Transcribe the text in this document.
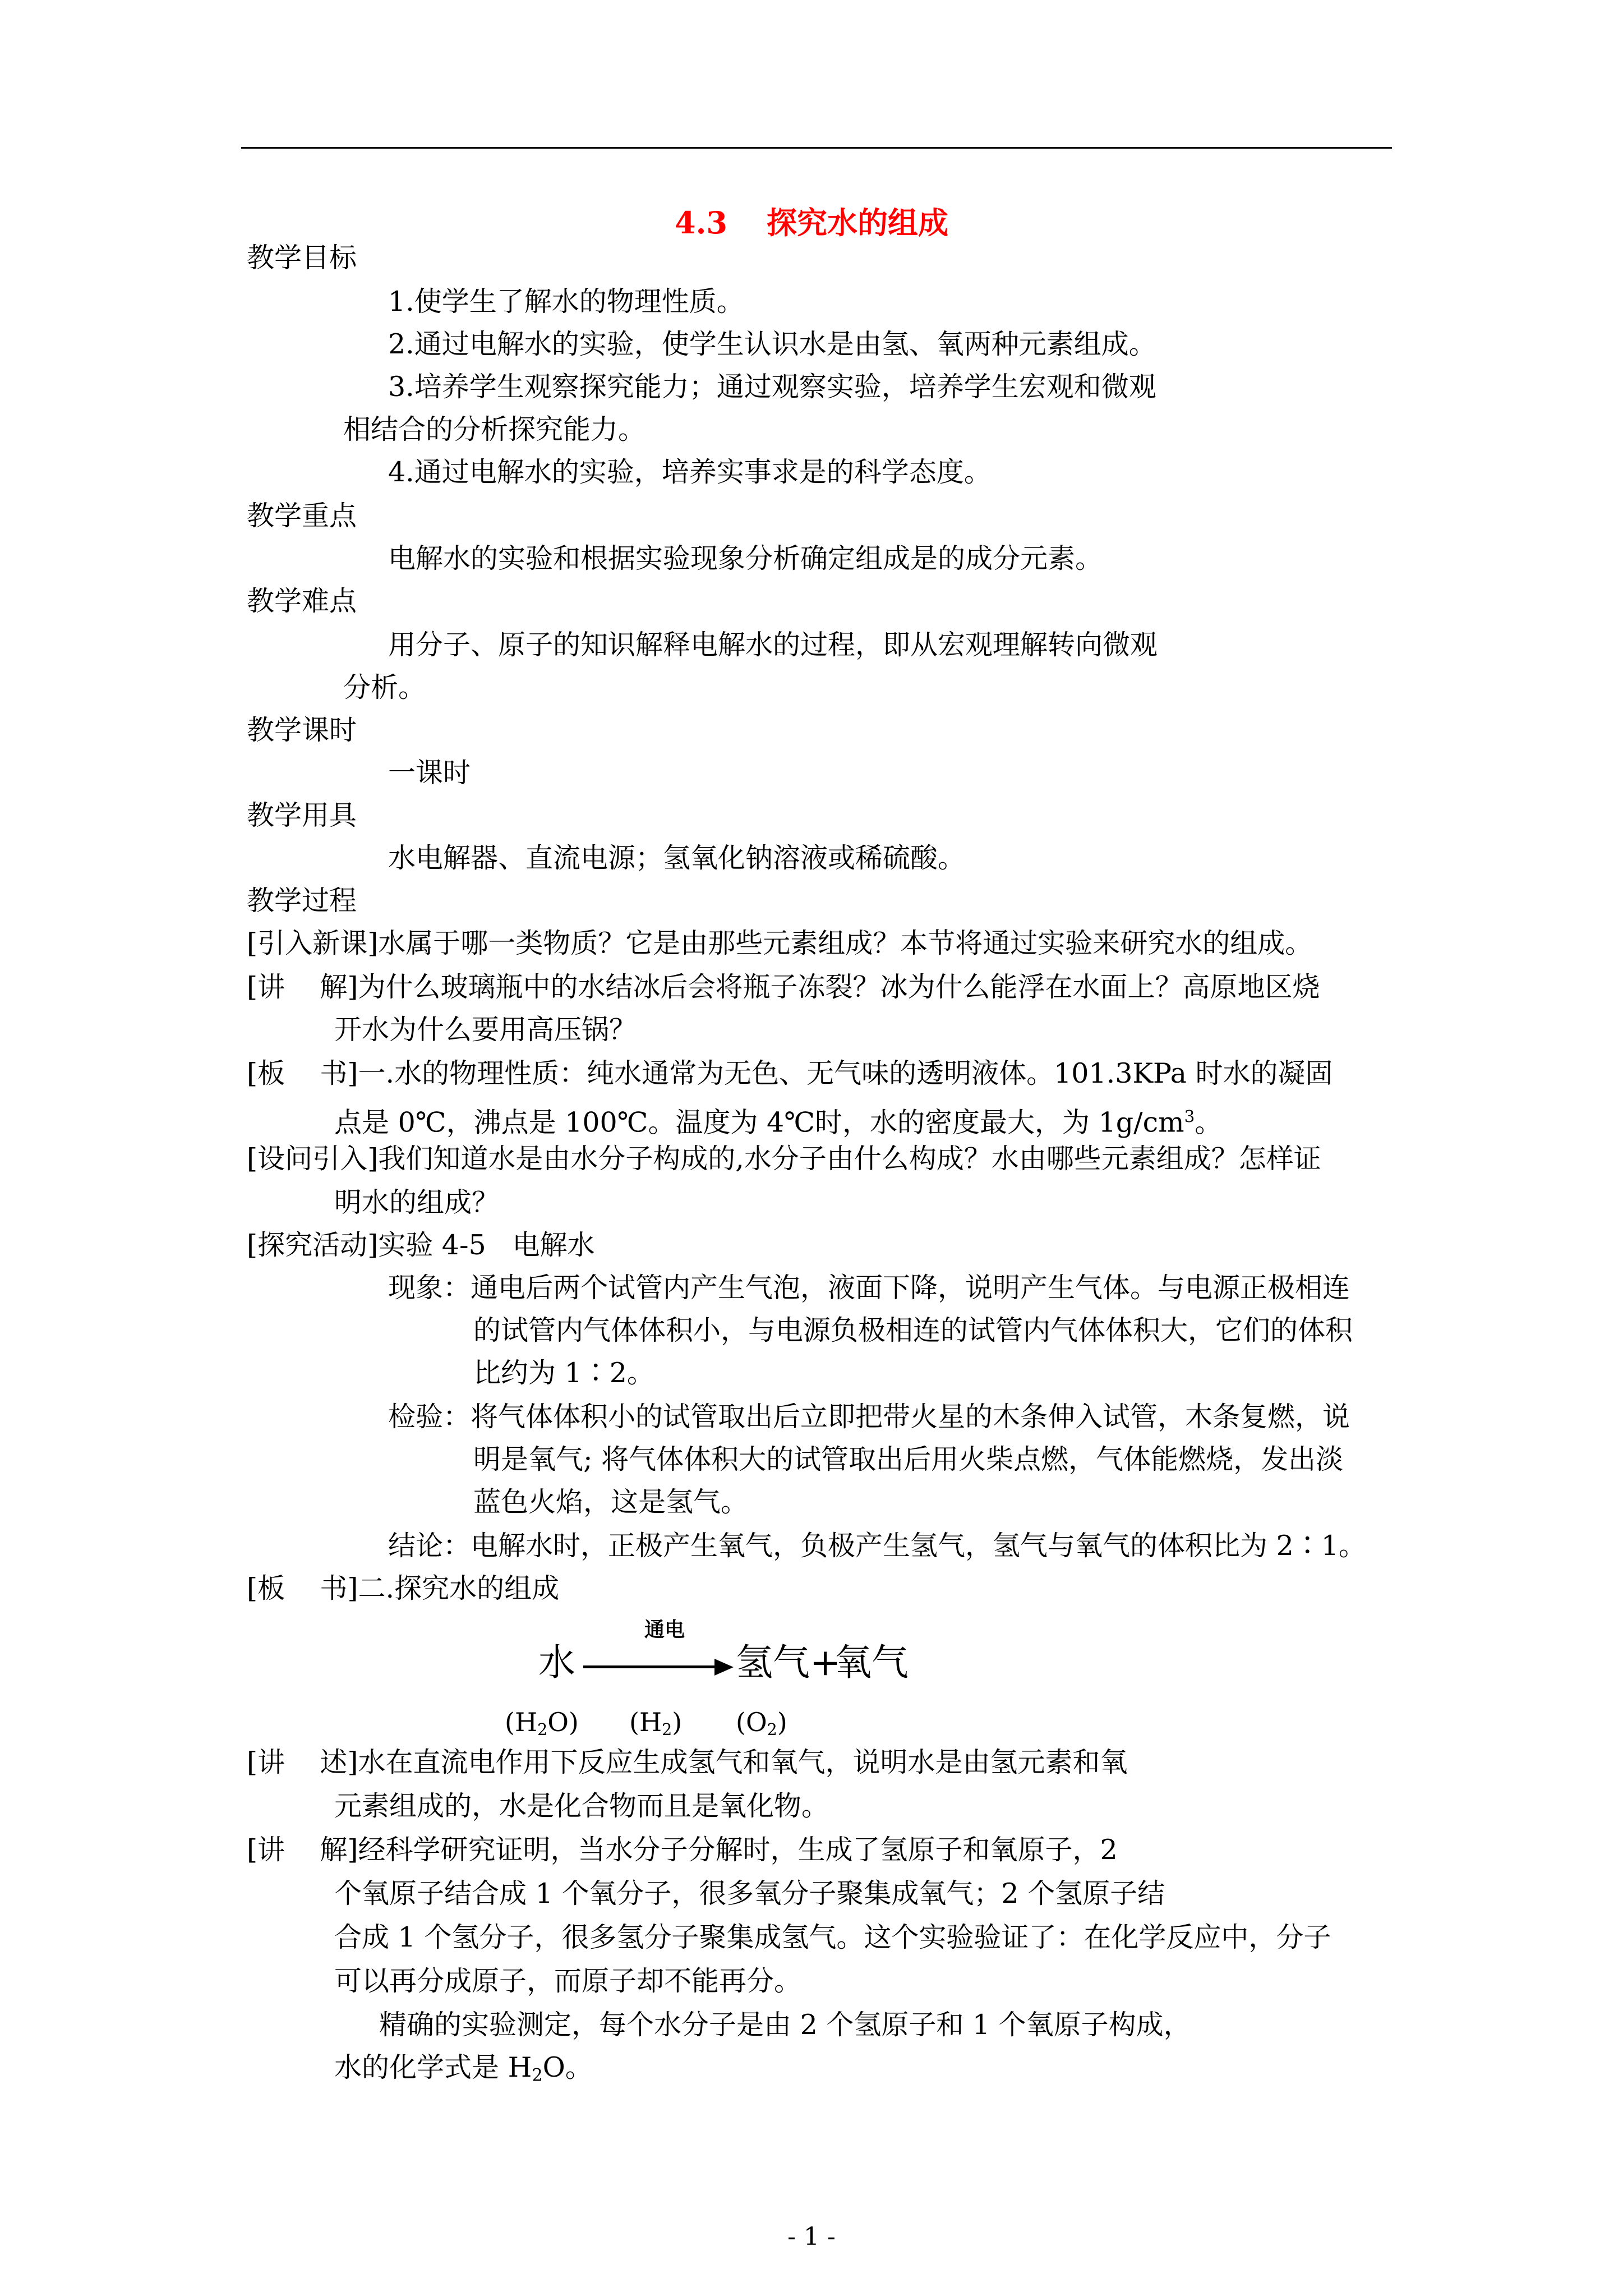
4.3 探究水的组成
教学目标
1.使学生了解水的物理性质。
2.通过电解水的实验，使学生认识水是由氢、氧两种元素组成。
3.培养学生观察探究能力；通过观察实验，培养学生宏观和微观
相结合的分析探究能力。
4.通过电解水的实验，培养实事求是的科学态度。
教学重点
电解水的实验和根据实验现象分析确定组成是的成分元素。
教学难点
用分子、原子的知识解释电解水的过程，即从宏观理解转向微观
分析。
教学课时
一课时
教学用具
水电解器、直流电源；氢氧化钠溶液或稀硫酸。
教学过程
[引入新课]水属于哪一类物质？它是由那些元素组成？本节将通过实验来研究水的组成。
[讲    解]为什么玻璃瓶中的水结冰后会将瓶子冻裂？冰为什么能浮在水面上？高原地区烧
开水为什么要用高压锅？
[板    书]一.水的物理性质：纯水通常为无色、无气味的透明液体。101.3KPa 时水的凝固
点是 0℃，沸点是 100℃。温度为 4℃时，水的密度最大，为 $1g/cm^3$。
[设问引入]我们知道水是由水分子构成的,水分子由什么构成？水由哪些元素组成？怎样证
明水的组成？
[探究活动]实验 4-5   电解水
现象：通电后两个试管内产生气泡，液面下降，说明产生气体。与电源正极相连
的试管内气体体积小，与电源负极相连的试管内气体体积大，它们的体积
比约为 1∶2。
检验：将气体体积小的试管取出后立即把带火星的木条伸入试管，木条复燃，说
明是氧气; 将气体体积大的试管取出后用火柴点燃，气体能燃烧，发出淡
蓝色火焰，这是氢气。
结论：电解水时，正极产生氧气，负极产生氢气，氢气与氧气的体积比为 2∶1。
[板    书]二.探究水的组成
水
通电
氢气 +
氧气
$(H_2O)$ $(H_2)$ $(O_2)$
[讲    述]水在直流电作用下反应生成氢气和氧气，说明水是由氢元素和氧
元素组成的，水是化合物而且是氧化物。
[讲    解]经科学研究证明，当水分子分解时，生成了氢原子和氧原子，2
个氧原子结合成 1 个氧分子，很多氧分子聚集成氧气；2 个氢原子结
合成 1 个氢分子，很多氢分子聚集成氢气。这个实验验证了：在化学反应中，分子
可以再分成原子，而原子却不能再分。
精确的实验测定，每个水分子是由 2 个氢原子和 1 个氧原子构成，
水的化学式是 $H_2O$。
- 1 -
